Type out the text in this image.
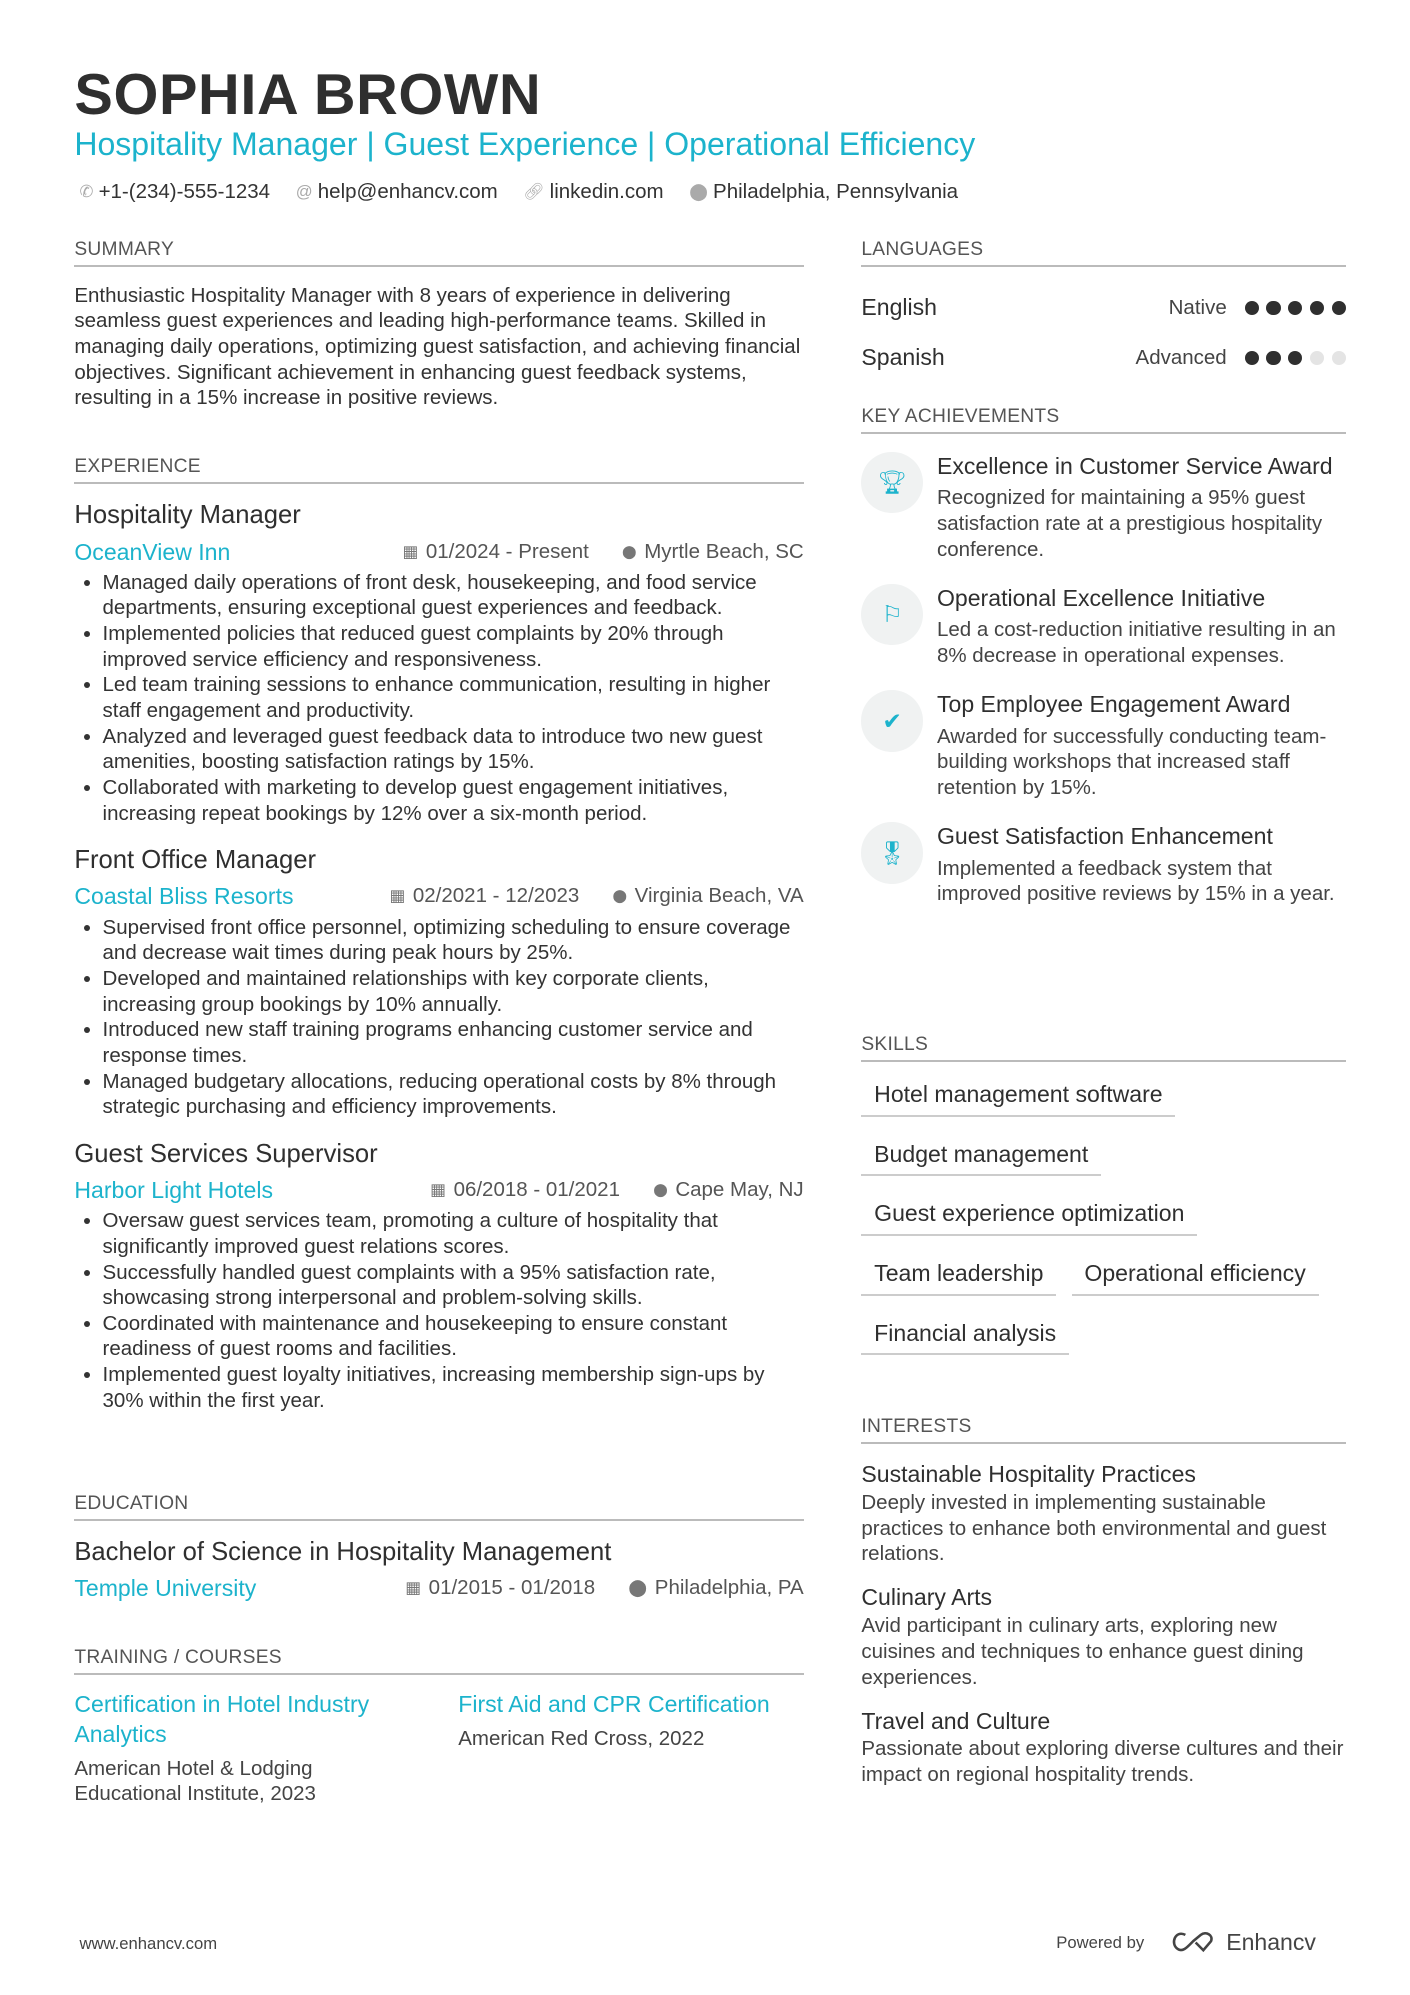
SOPHIA BROWN
Hospitality Manager | Guest Experience | Operational Efficiency
✆ +1-(234)-555-1234 @ help@enhancv.com 🔗︎ linkedin.com ⬤ Philadelphia, Pennsylvania
SUMMARY
Enthusiastic Hospitality Manager with 8 years of experience in delivering seamless guest experiences and leading high-performance teams. Skilled in managing daily operations, optimizing guest satisfaction, and achieving financial objectives. Significant achievement in enhancing guest feedback systems, resulting in a 15% increase in positive reviews.
EXPERIENCE
Hospitality Manager
OceanView Inn	▦ 01/2024 - Present	⬤ Myrtle Beach, SC
• Managed daily operations of front desk, housekeeping, and food service departments, ensuring exceptional guest experiences and feedback.
• Implemented policies that reduced guest complaints by 20% through improved service efficiency and responsiveness.
• Led team training sessions to enhance communication, resulting in higher staff engagement and productivity.
• Analyzed and leveraged guest feedback data to introduce two new guest amenities, boosting satisfaction ratings by 15%.
• Collaborated with marketing to develop guest engagement initiatives, increasing repeat bookings by 12% over a six-month period.
Front Office Manager
Coastal Bliss Resorts	▦ 02/2021 - 12/2023	⬤ Virginia Beach, VA
• Supervised front office personnel, optimizing scheduling to ensure coverage and decrease wait times during peak hours by 25%.
• Developed and maintained relationships with key corporate clients, increasing group bookings by 10% annually.
• Introduced new staff training programs enhancing customer service and response times.
• Managed budgetary allocations, reducing operational costs by 8% through strategic purchasing and efficiency improvements.
Guest Services Supervisor
Harbor Light Hotels	▦ 06/2018 - 01/2021	⬤ Cape May, NJ
• Oversaw guest services team, promoting a culture of hospitality that significantly improved guest relations scores.
• Successfully handled guest complaints with a 95% satisfaction rate, showcasing strong interpersonal and problem-solving skills.
• Coordinated with maintenance and housekeeping to ensure constant readiness of guest rooms and facilities.
• Implemented guest loyalty initiatives, increasing membership sign-ups by 30% within the first year.
EDUCATION
Bachelor of Science in Hospitality Management
Temple University	▦ 01/2015 - 01/2018	⬤ Philadelphia, PA
TRAINING / COURSES
Certification in Hotel Industry Analytics
American Hotel & Lodging Educational Institute, 2023
First Aid and CPR Certification
American Red Cross, 2022
LANGUAGES
English	Native
Spanish	Advanced
KEY ACHIEVEMENTS
🏆︎
Excellence in Customer Service Award
Recognized for maintaining a 95% guest satisfaction rate at a prestigious hospitality conference.
⚐
Operational Excellence Initiative
Led a cost-reduction initiative resulting in an 8% decrease in operational expenses.
✔
Top Employee Engagement Award
Awarded for successfully conducting team-building workshops that increased staff retention by 15%.
🎖︎
Guest Satisfaction Enhancement
Implemented a feedback system that improved positive reviews by 15% in a year.
SKILLS
Hotel management software
Budget management
Guest experience optimization
Team leadership	Operational efficiency
Financial analysis
INTERESTS
Sustainable Hospitality Practices
Deeply invested in implementing sustainable practices to enhance both environmental and guest relations.
Culinary Arts
Avid participant in culinary arts, exploring new cuisines and techniques to enhance guest dining experiences.
Travel and Culture
Passionate about exploring diverse cultures and their impact on regional hospitality trends.
www.enhancv.com	Powered by	Enhancv
